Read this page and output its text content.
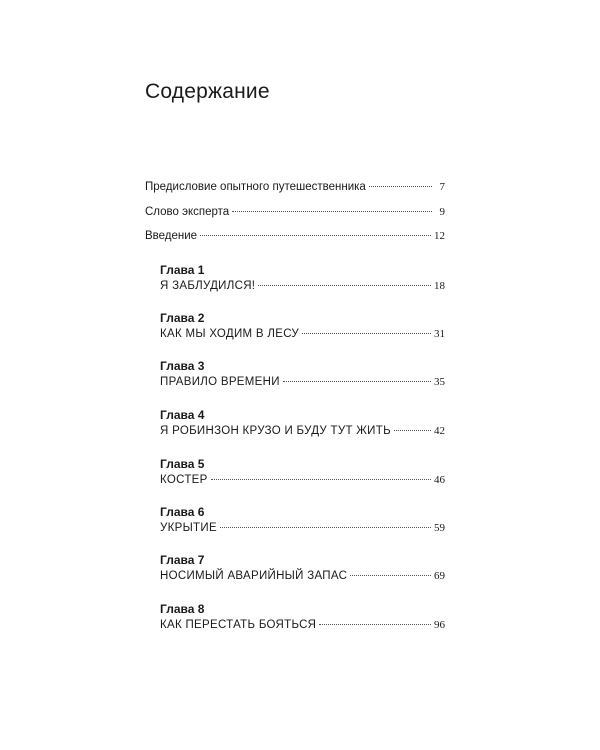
Содержание
Предисловие опытного путешественника	7
Слово эксперта	9
Введение	12
Глава 1
Я ЗАБЛУДИЛСЯ!	18
Глава 2
КАК МЫ ХОДИМ В ЛЕСУ	31
Глава 3
ПРАВИЛО ВРЕМЕНИ	35
Глава 4
Я РОБИНЗОН КРУЗО И БУДУ ТУТ ЖИТЬ	42
Глава 5
КОСТЕР	46
Глава 6
УКРЫТИЕ	59
Глава 7
НОСИМЫЙ АВАРИЙНЫЙ ЗАПАС	69
Глава 8
КАК ПЕРЕСТАТЬ БОЯТЬСЯ	96
